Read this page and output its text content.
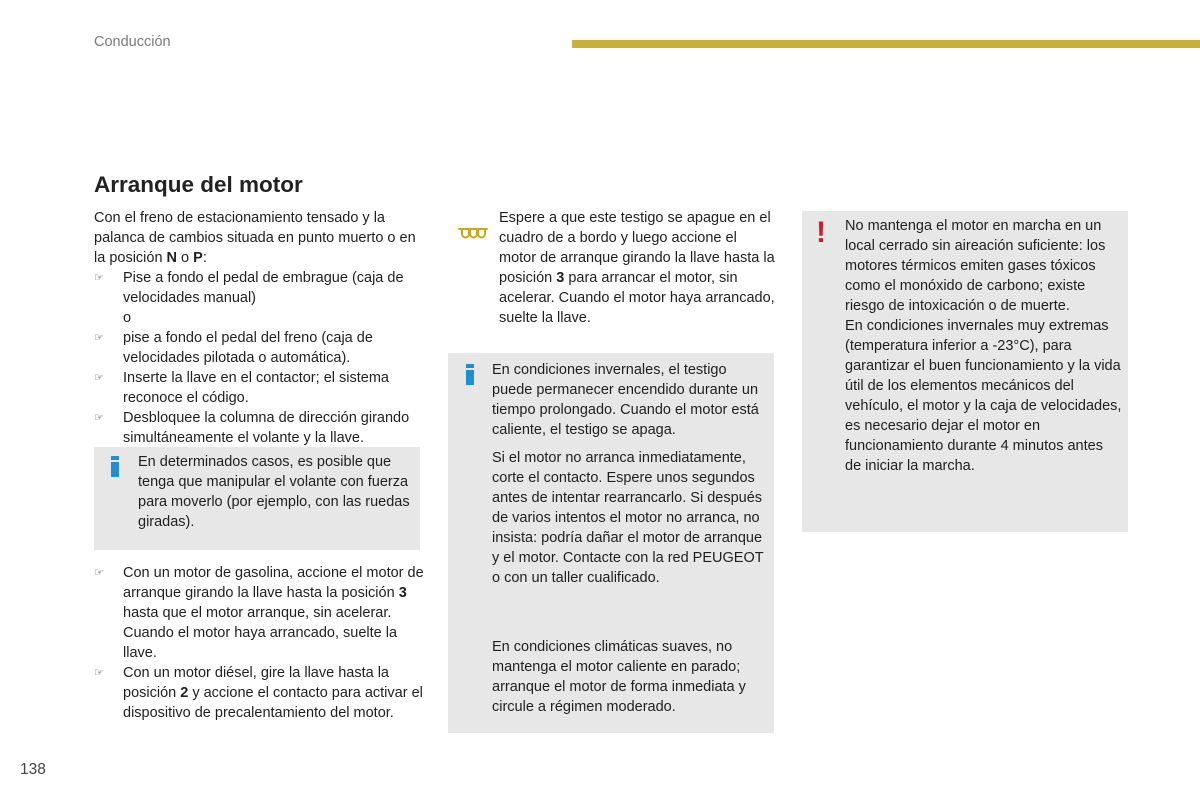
Conducción
Arranque del motor
Con el freno de estacionamiento tensado y la palanca de cambios situada en punto muerto o en la posición N o P:
☞	Pise a fondo el pedal de embrague (caja de velocidades manual)
o
☞	pise a fondo el pedal del freno (caja de velocidades pilotada o automática).
☞	Inserte la llave en el contactor; el sistema reconoce el código.
☞	Desbloquee la columna de dirección girando simultáneamente el volante y la llave.
En determinados casos, es posible que tenga que manipular el volante con fuerza para moverlo (por ejemplo, con las ruedas giradas).
☞	Con un motor de gasolina, accione el motor de arranque girando la llave hasta la posición 3 hasta que el motor arranque, sin acelerar. Cuando el motor haya arrancado, suelte la llave.
☞	Con un motor diésel, gire la llave hasta la posición 2 y accione el contacto para activar el dispositivo de precalentamiento del motor.
Espere a que este testigo se apague en el cuadro de a bordo y luego accione el motor de arranque girando la llave hasta la posición 3 para arrancar el motor, sin acelerar. Cuando el motor haya arrancado, suelte la llave.
En condiciones invernales, el testigo puede permanecer encendido durante un tiempo prolongado. Cuando el motor está caliente, el testigo se apaga.
Si el motor no arranca inmediatamente, corte el contacto. Espere unos segundos antes de intentar rearrancarlo. Si después de varios intentos el motor no arranca, no insista: podría dañar el motor de arranque y el motor. Contacte con la red PEUGEOT o con un taller cualificado.
En condiciones climáticas suaves, no mantenga el motor caliente en parado; arranque el motor de forma inmediata y circule a régimen moderado.
! No mantenga el motor en marcha en un local cerrado sin aireación suficiente: los motores térmicos emiten gases tóxicos como el monóxido de carbono; existe riesgo de intoxicación o de muerte.
En condiciones invernales muy extremas (temperatura inferior a -23°C), para garantizar el buen funcionamiento y la vida útil de los elementos mecánicos del vehículo, el motor y la caja de velocidades, es necesario dejar el motor en funcionamiento durante 4 minutos antes de iniciar la marcha.
138
